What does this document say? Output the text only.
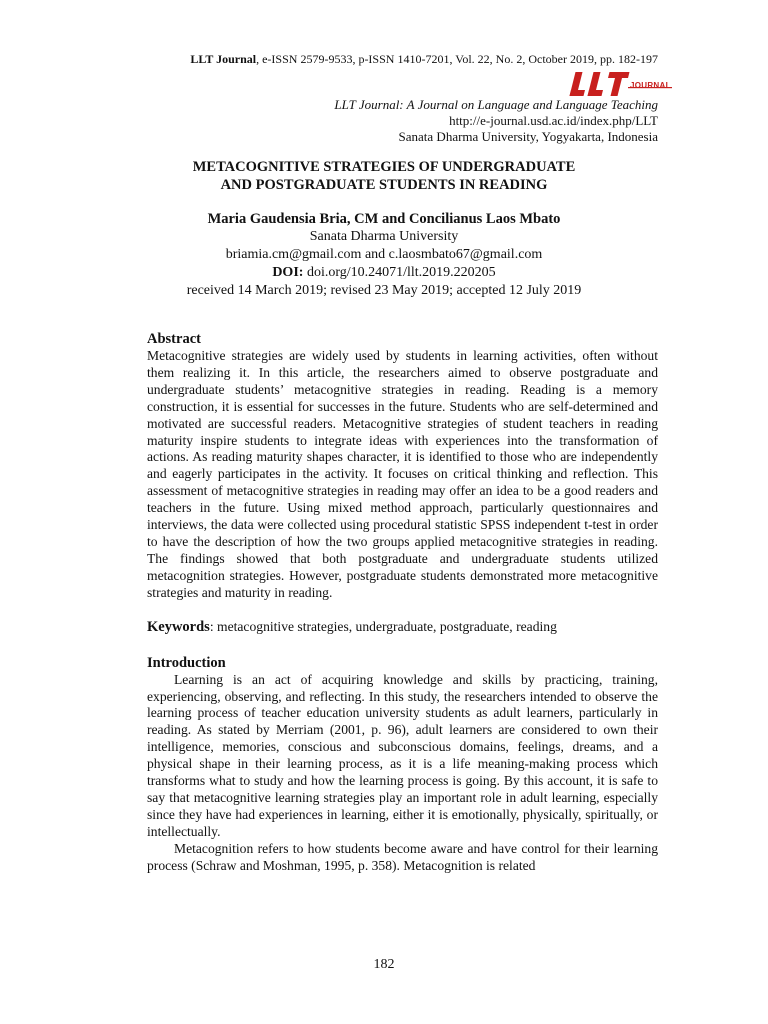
LLT Journal, e-ISSN 2579-9533, p-ISSN 1410-7201, Vol. 22, No. 2, October 2019, pp. 182-197
JOURNAL
LLT Journal: A Journal on Language and Language Teaching
http://e-journal.usd.ac.id/index.php/LLT
Sanata Dharma University, Yogyakarta, Indonesia
METACOGNITIVE STRATEGIES OF UNDERGRADUATE
AND POSTGRADUATE STUDENTS IN READING
Maria Gaudensia Bria, CM and Concilianus Laos Mbato
Sanata Dharma University
briamia.cm@gmail.com and c.laosmbato67@gmail.com
DOI: doi.org/10.24071/llt.2019.220205
received 14 March 2019; revised 23 May 2019; accepted 12 July 2019
Abstract

Metacognitive strategies are widely used by students in learning activities, often without them realizing it. In this article, the researchers aimed to observe postgraduate and undergraduate students’ metacognitive strategies in reading. Reading is a memory construction, it is essential for successes in the future. Students who are self-determined and motivated are successful readers. Metacognitive strategies of student teachers in reading maturity inspire students to integrate ideas with experiences into the transformation of actions. As reading maturity shapes character, it is identified to those who are independently and eagerly participates in the activity. It focuses on critical thinking and reflection. This assessment of metacognitive strategies in reading may offer an idea to be a good readers and teachers in the future. Using mixed method approach, particularly questionnaires and interviews, the data were collected using procedural statistic SPSS independent t-test in order to have the description of how the two groups applied metacognitive strategies in reading. The findings showed that both postgraduate and undergraduate students utilized metacognition strategies. However, postgraduate students demonstrated more metacognitive strategies and maturity in reading.

Keywords: metacognitive strategies, undergraduate, postgraduate, reading
Introduction

Learning is an act of acquiring knowledge and skills by practicing, training, experiencing, observing, and reflecting. In this study, the researchers intended to observe the learning process of teacher education university students as adult learners, particularly in reading. As stated by Merriam (2001, p. 96), adult learners are considered to own their intelligence, memories, conscious and subconscious domains, feelings, dreams, and a physical shape in their learning process, as it is a life meaning-making process which transforms what to study and how the learning process is going. By this account, it is safe to say that metacognitive learning strategies play an important role in adult learning, especially since they have had experiences in learning, either it is emotionally, physically, spiritually, or intellectually.

Metacognition refers to how students become aware and have control for their learning process (Schraw and Moshman, 1995, p. 358). Metacognition is related

182
